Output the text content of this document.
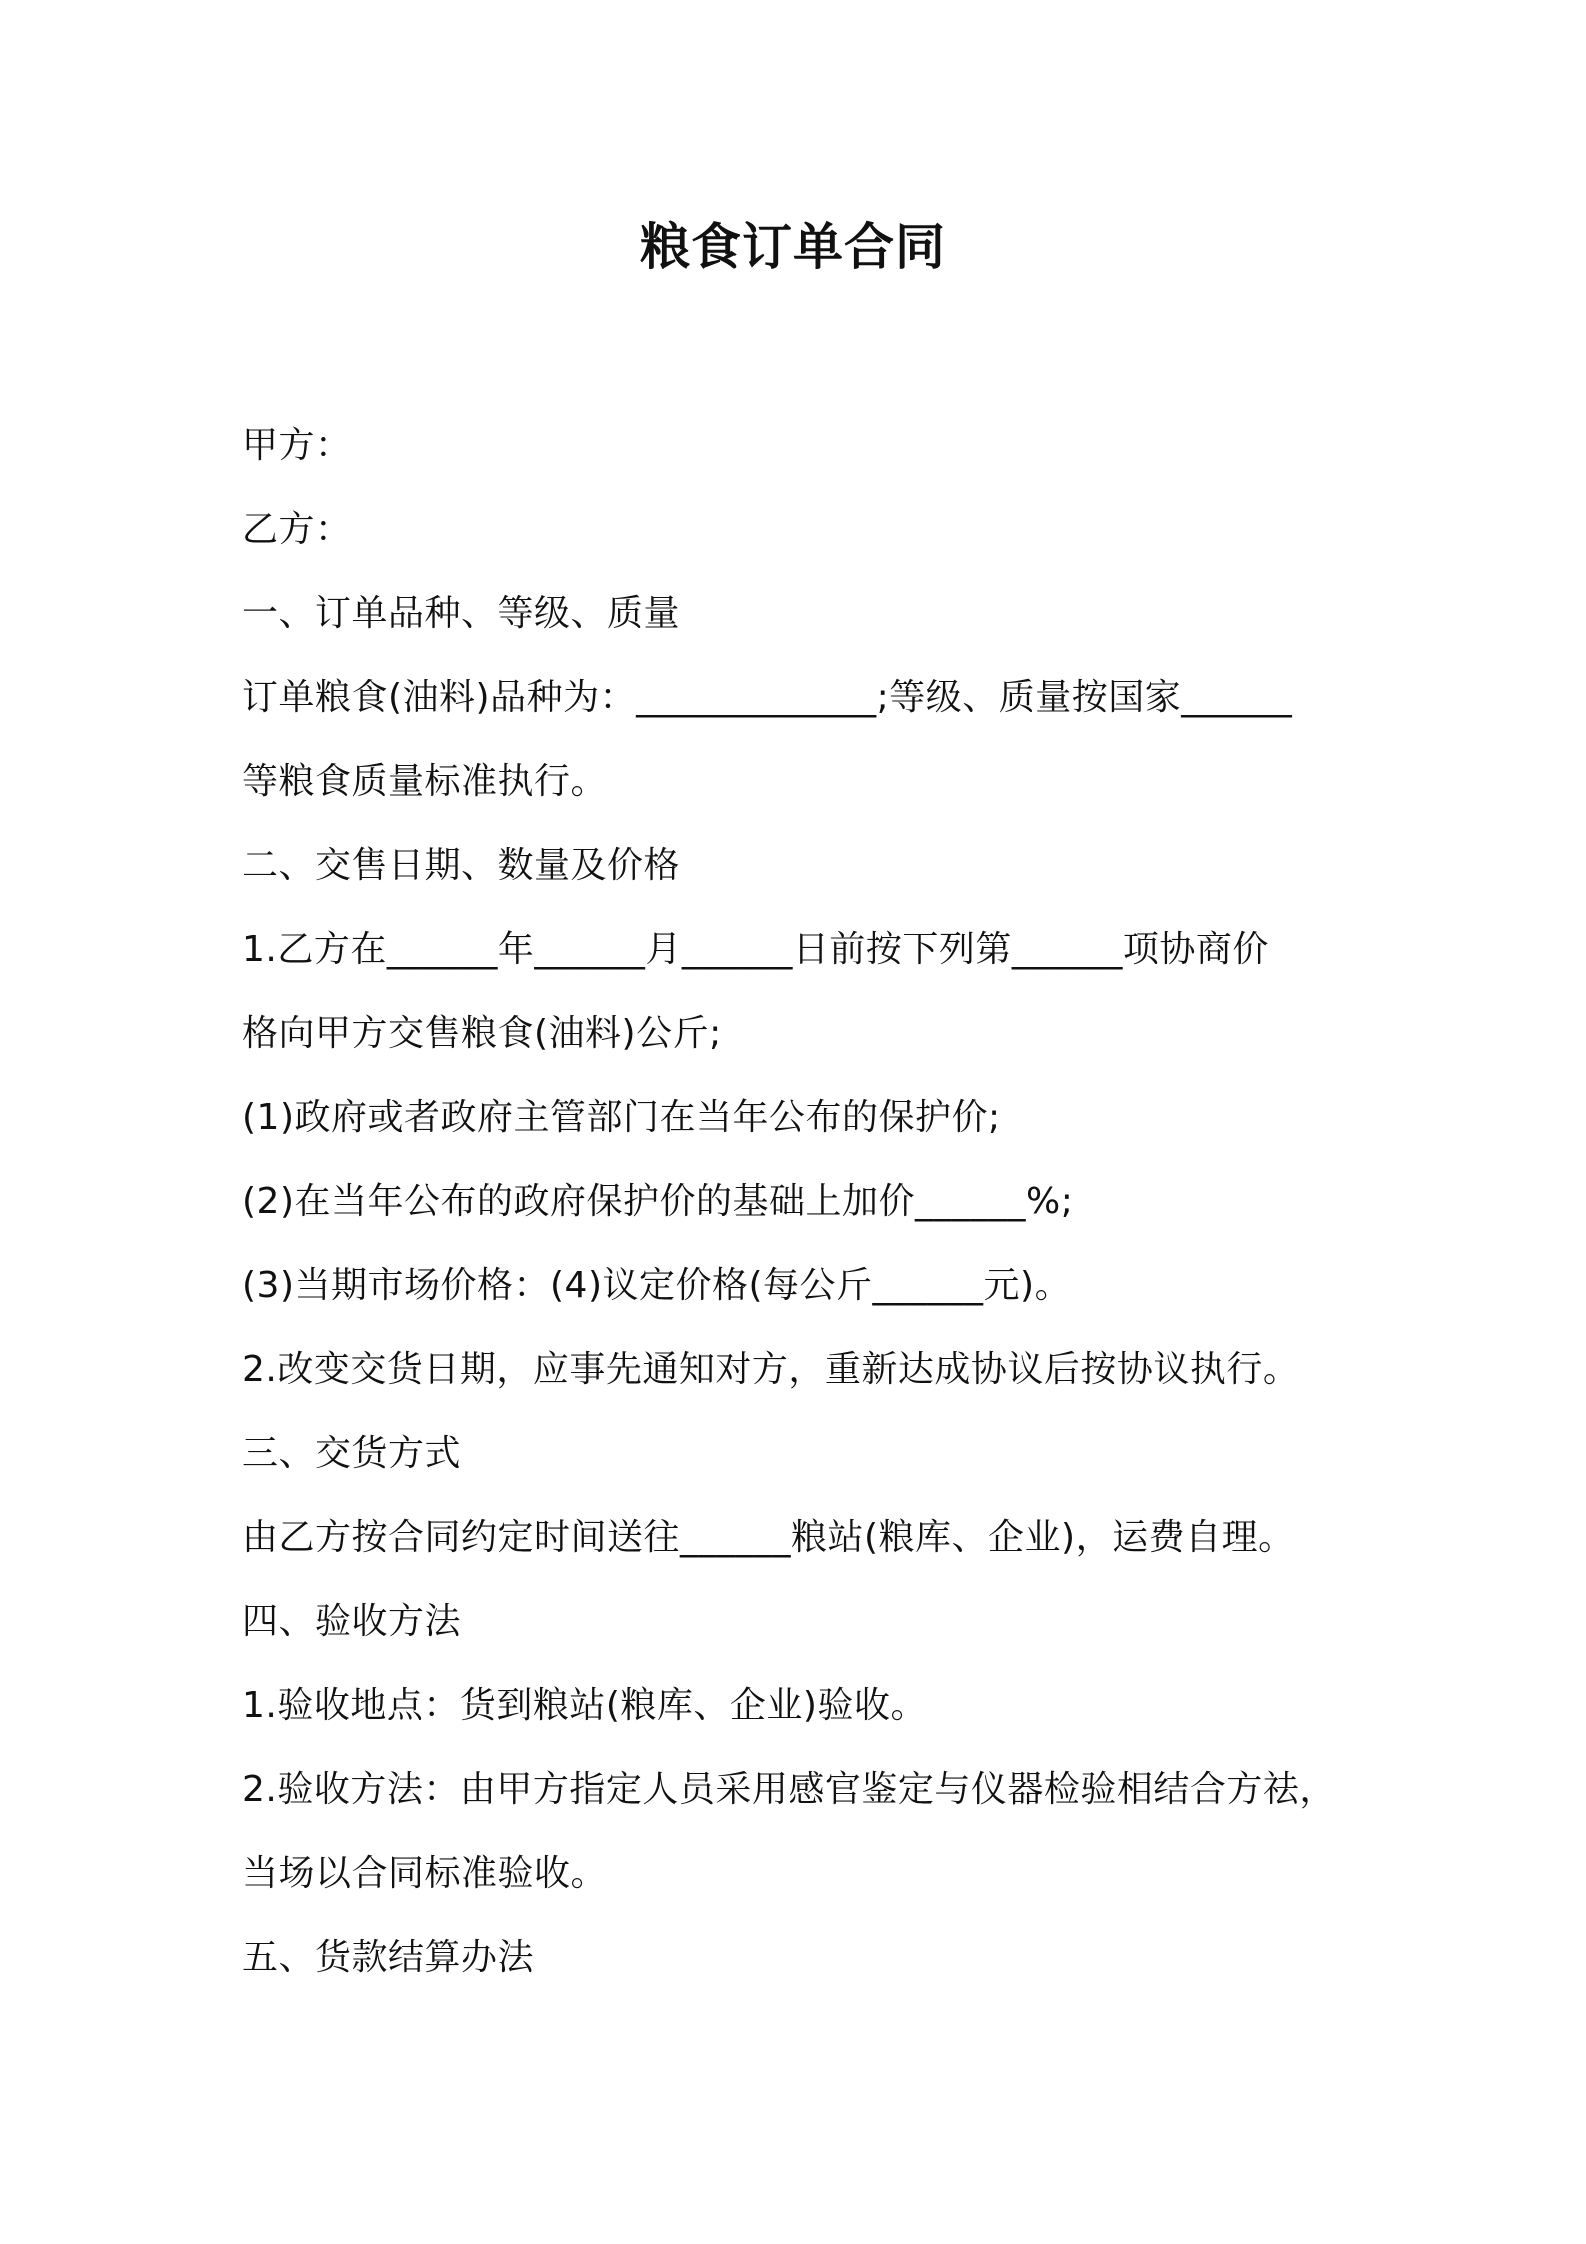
粮食订单合同
甲方：
乙方：
一、订单品种、等级、质量
订单粮食(油料)品种为：_____________;等级、质量按国家______
等粮食质量标准执行。
二、交售日期、数量及价格
1.乙方在______年______月______日前按下列第______项协商价
格向甲方交售粮食(油料)公斤;
(1)政府或者政府主管部门在当年公布的保护价;
(2)在当年公布的政府保护价的基础上加价______%;
(3)当期市场价格：(4)议定价格(每公斤______元)。
2.改变交货日期，应事先通知对方，重新达成协议后按协议执行。
三、交货方式
由乙方按合同约定时间送往______粮站(粮库、企业)，运费自理。
四、验收方法
1.验收地点：货到粮站(粮库、企业)验收。
2.验收方法：由甲方指定人员采用感官鉴定与仪器检验相结合方祛，
当场以合同标准验收。
五、货款结算办法
